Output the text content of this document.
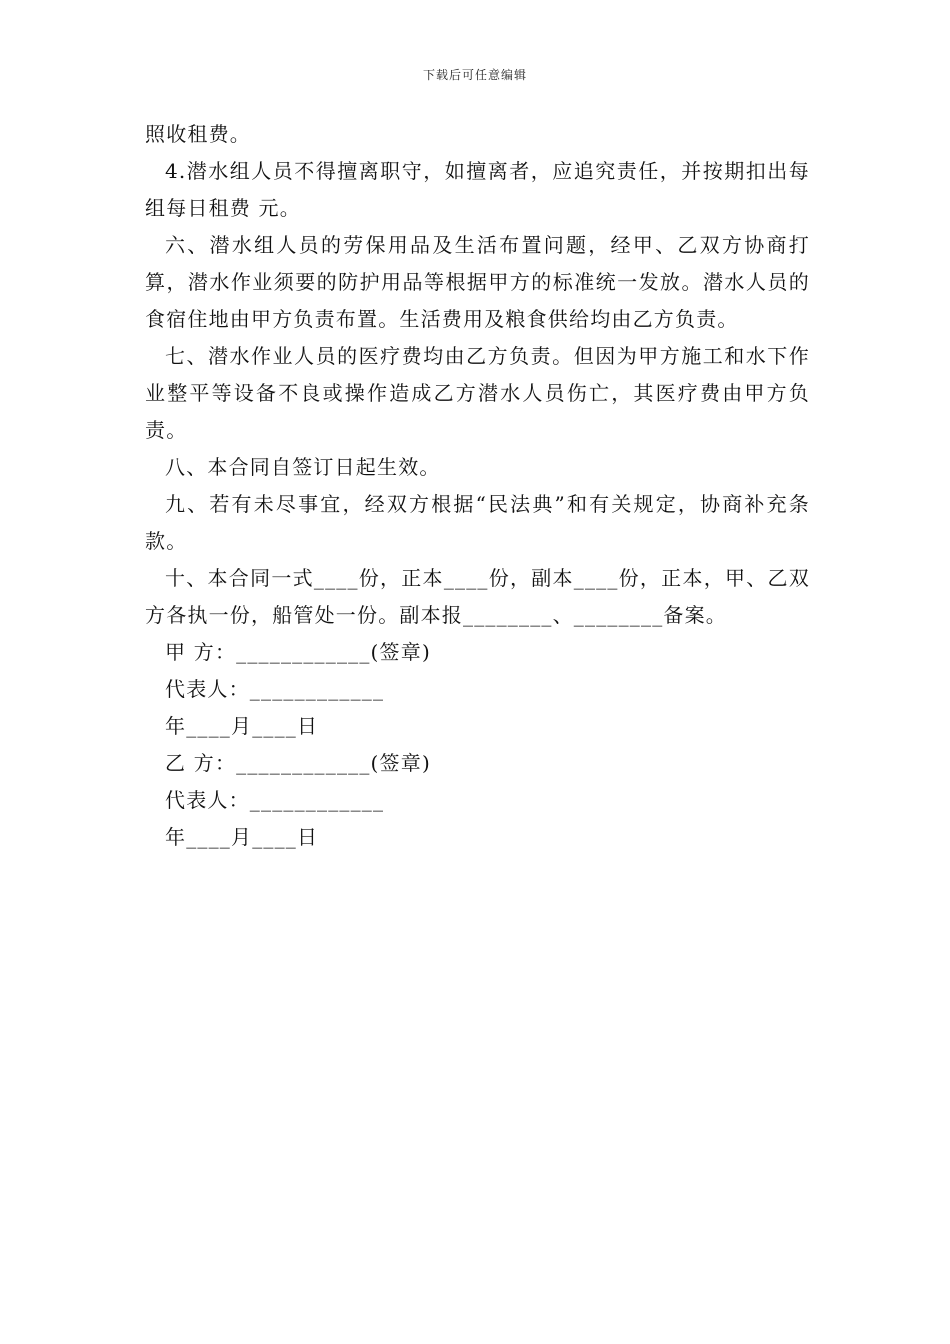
下载后可任意编辑

照收租费。

4.潜水组人员不得擅离职守，如擅离者，应追究责任，并按期扣出每组每日租费 元。

六、潜水组人员的劳保用品及生活布置问题，经甲、乙双方协商打算，潜水作业须要的防护用品等根据甲方的标准统一发放。潜水人员的食宿住地由甲方负责布置。生活费用及粮食供给均由乙方负责。

七、潜水作业人员的医疗费均由乙方负责。但因为甲方施工和水下作业整平等设备不良或操作造成乙方潜水人员伤亡，其医疗费由甲方负责。

八、本合同自签订日起生效。

九、若有未尽事宜，经双方根据“民法典”和有关规定，协商补充条款。

十、本合同一式____份，正本____份，副本____份，正本，甲、乙双方各执一份，船管处一份。副本报________、________备案。

甲 方：____________(签章)

代表人：____________

年____月____日

乙 方：____________(签章)

代表人：____________

年____月____日
